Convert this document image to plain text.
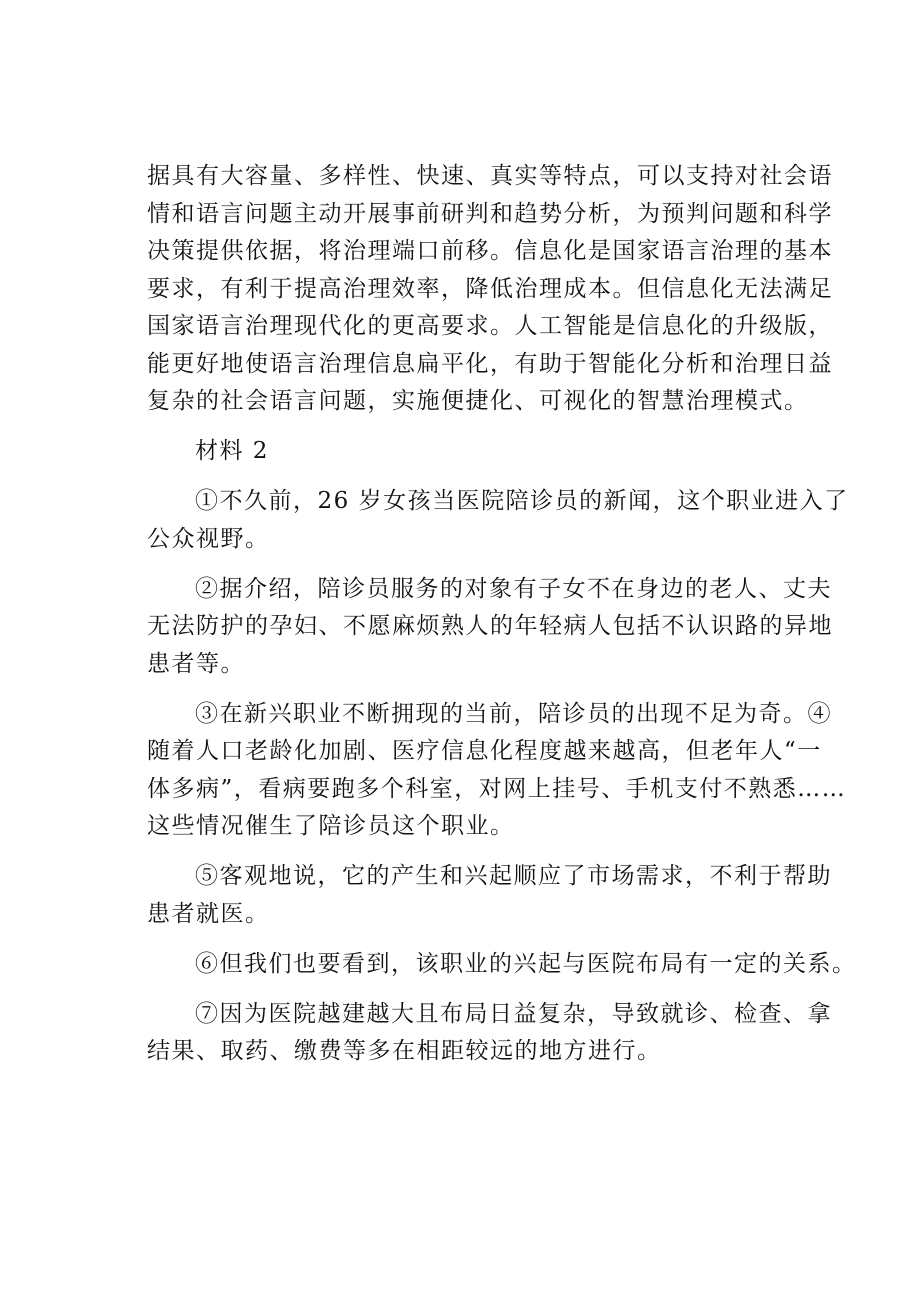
据具有大容量、多样性、快速、真实等特点，可以支持对社会语
情和语言问题主动开展事前研判和趋势分析，为预判问题和科学
决策提供依据，将治理端口前移。信息化是国家语言治理的基本
要求，有利于提高治理效率，降低治理成本。但信息化无法满足
国家语言治理现代化的更高要求。人工智能是信息化的升级版，
能更好地使语言治理信息扁平化，有助于智能化分析和治理日益
复杂的社会语言问题，实施便捷化、可视化的智慧治理模式。
材料 2
①不久前，26 岁女孩当医院陪诊员的新闻，这个职业进入了
公众视野。
②据介绍，陪诊员服务的对象有子女不在身边的老人、丈夫
无法防护的孕妇、不愿麻烦熟人的年轻病人包括不认识路的异地
患者等。
③在新兴职业不断拥现的当前，陪诊员的出现不足为奇。④
随着人口老龄化加剧、医疗信息化程度越来越高，但老年人“一
体多病”，看病要跑多个科室，对网上挂号、手机支付不熟悉……
这些情况催生了陪诊员这个职业。
⑤客观地说，它的产生和兴起顺应了市场需求，不利于帮助
患者就医。
⑥但我们也要看到，该职业的兴起与医院布局有一定的关系。
⑦因为医院越建越大且布局日益复杂，导致就诊、检查、拿
结果、取药、缴费等多在相距较远的地方进行。
